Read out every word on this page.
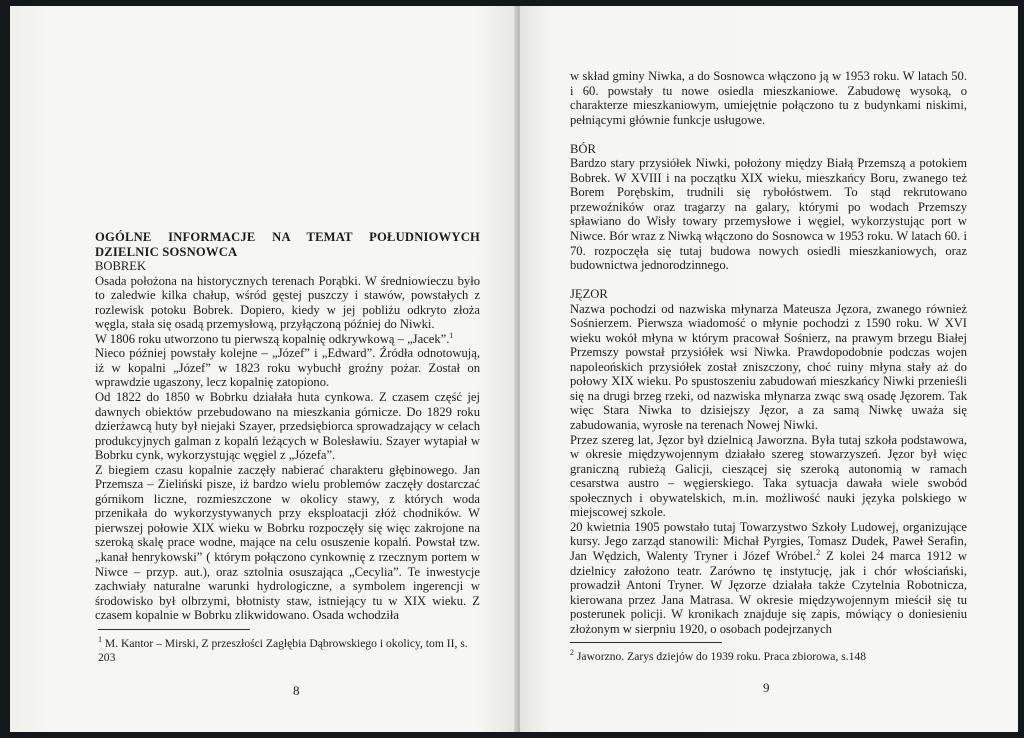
OGÓLNE INFORMACJE NA TEMAT POŁUDNIOWYCH DZIELNIC SOSNOWCA

BOBREK

Osada położona na historycznych terenach Porąbki. W średniowieczu było to zaledwie kilka chałup, wśród gęstej puszczy i stawów, powstałych z rozlewisk potoku Bobrek. Dopiero, kiedy w jej pobliżu odkryto złoża węgla, stała się osadą przemysłową, przyłączoną później do Niwki.

W 1806 roku utworzono tu pierwszą kopalnię odkrywkową – „Jacek”.$^1$

Nieco później powstały kolejne – „Józef” i „Edward”. Źródła odnotowują, iż w kopalni „Józef” w 1823 roku wybuchł groźny pożar. Został on wprawdzie ugaszony, lecz kopalnię zatopiono.

Od 1822 do 1850 w Bobrku działała huta cynkowa. Z czasem część jej dawnych obiektów przebudowano na mieszkania górnicze. Do 1829 roku dzierżawcą huty był niejaki Szayer, przedsiębiorca sprowadzający w celach produkcyjnych galman z kopalń leżących w Bolesławiu. Szayer wytapiał w Bobrku cynk, wykorzystując węgiel z „Józefa”.

Z biegiem czasu kopalnie zaczęły nabierać charakteru głębinowego. Jan Przemsza – Zieliński pisze, iż bardzo wielu problemów zaczęły dostarczać górnikom liczne, rozmieszczone w okolicy stawy, z których woda przenikała do wykorzystywanych przy eksploatacji złóż chodników. W pierwszej połowie XIX wieku w Bobrku rozpoczęły się więc zakrojone na szeroką skalę prace wodne, mające na celu osuszenie kopalń. Powstał tzw. „kanał henrykowski” ( którym połączono cynkownię z rzecznym portem w Niwce – przyp. aut.), oraz sztolnia osuszająca „Cecylia”. Te inwestycje zachwiały naturalne warunki hydrologiczne, a symbolem ingerencji w środowisko był olbrzymi, błotnisty staw, istniejący tu w XIX wieku. Z czasem kopalnie w Bobrku zlikwidowano. Osada wchodziła

$^1$ M. Kantor – Mirski, Z przeszłości Zagłębia Dąbrowskiego i okolicy, tom II, s. 203
8

w skład gminy Niwka, a do Sosnowca włączono ją w 1953 roku. W latach 50. i 60. powstały tu nowe osiedla mieszkaniowe. Zabudowę wysoką, o charakterze mieszkaniowym, umiejętnie połączono tu z budynkami niskimi, pełniącymi głównie funkcje usługowe.

BÓR

Bardzo stary przysiółek Niwki, położony między Białą Przemszą a potokiem Bobrek. W XVIII i na początku XIX wieku, mieszkańcy Boru, zwanego też Borem Porębskim, trudnili się rybołóstwem. To stąd rekrutowano przewoźników oraz tragarzy na galary, którymi po wodach Przemszy spławiano do Wisły towary przemysłowe i węgiel, wykorzystując port w Niwce. Bór wraz z Niwką włączono do Sosnowca w 1953 roku. W latach 60. i 70. rozpoczęła się tutaj budowa nowych osiedli mieszkaniowych, oraz budownictwa jednorodzinnego.

JĘZOR

Nazwa pochodzi od nazwiska młynarza Mateusza Jęzora, zwanego również Sośnierzem. Pierwsza wiadomość o młynie pochodzi z 1590 roku. W XVI wieku wokół młyna w którym pracował Sośnierz, na prawym brzegu Białej Przemszy powstał przysiółek wsi Niwka. Prawdopodobnie podczas wojen napoleońskich przysiółek został zniszczony, choć ruiny młyna stały aż do połowy XIX wieku. Po spustoszeniu zabudowań mieszkańcy Niwki przenieśli się na drugi brzeg rzeki, od nazwiska młynarza zwąc swą osadę Jęzorem. Tak więc Stara Niwka to dzisiejszy Jęzor, a za samą Niwkę uważa się zabudowania, wyrosłe na terenach Nowej Niwki.

Przez szereg lat, Jęzor był dzielnicą Jaworzna. Była tutaj szkoła podstawowa, w okresie międzywojennym działało szereg stowarzyszeń. Jęzor był więc graniczną rubieżą Galicji, cieszącej się szeroką autonomią w ramach cesarstwa austro – węgierskiego. Taka sytuacja dawała wiele swobód społecznych i obywatelskich, m.in. możliwość nauki języka polskiego w miejscowej szkole.

20 kwietnia 1905 powstało tutaj Towarzystwo Szkoły Ludowej, organizujące kursy. Jego zarząd stanowili: Michał Pyrgies, Tomasz Dudek, Paweł Serafin, Jan Wędzich, Walenty Tryner i Józef Wróbel.$^2$ Z kolei 24 marca 1912 w dzielnicy założono teatr. Zarówno tę instytucję, jak i chór włościański, prowadził Antoni Tryner. W Jęzorze działała także Czytelnia Robotnicza, kierowana przez Jana Matrasa. W okresie międzywojennym mieścił się tu posterunek policji. W kronikach znajduje się zapis, mówiący o doniesieniu złożonym w sierpniu 1920, o osobach podejrzanych

$^2$ Jaworzno. Zarys dziejów do 1939 roku. Praca zbiorowa, s.148
9
